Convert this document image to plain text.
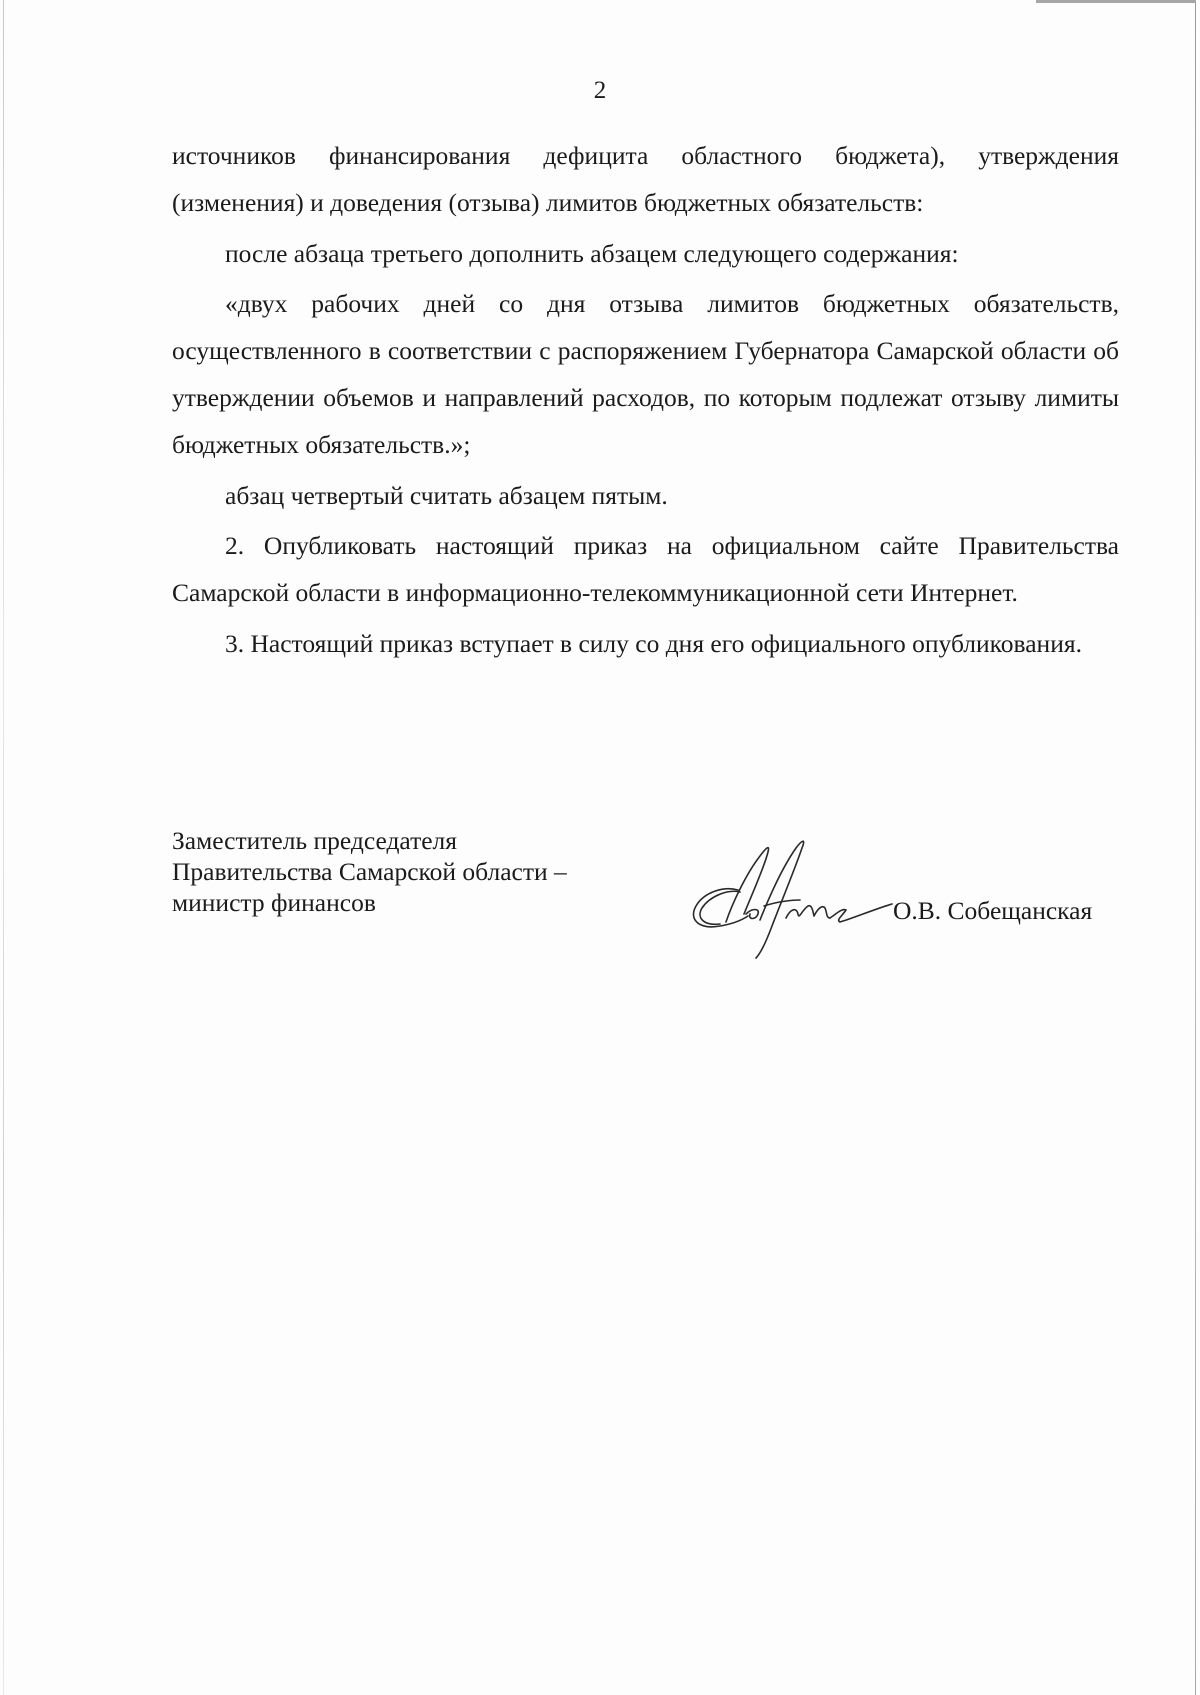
2

источников финансирования дефицита областного бюджета), утверждения (изменения) и доведения (отзыва) лимитов бюджетных обязательств:

после абзаца третьего дополнить абзацем следующего содержания:

«двух рабочих дней со дня отзыва лимитов бюджетных обязательств, осуществленного в соответствии с распоряжением Губернатора Самарской области об утверждении объемов и направлений расходов, по которым подлежат отзыву лимиты бюджетных обязательств.»;

абзац четвертый считать абзацем пятым.

2. Опубликовать настоящий приказ на официальном сайте Правительства Самарской области в информационно-телекоммуникационной сети Интернет.

3. Настоящий приказ вступает в силу со дня его официального опубликования.

Заместитель председателя
Правительства Самарской области –
министр финансов	О.В. Собещанская
